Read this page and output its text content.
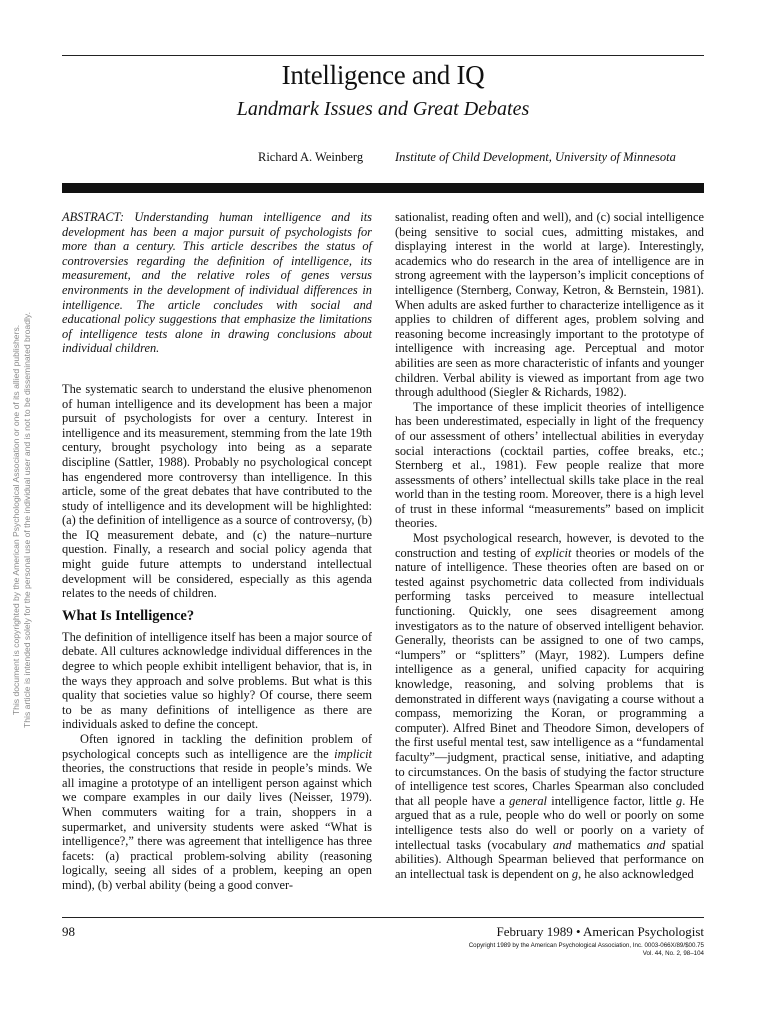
This document is copyrighted by the American Psychological Association or one of its allied publishers. This article is intended solely for the personal use of the individual user and is not to be disseminated broadly.
Intelligence and IQ
Landmark Issues and Great Debates
Richard A. Weinberg	Institute of Child Development, University of Minnesota

ABSTRACT: Understanding human intelligence and its development has been a major pursuit of psychologists for more than a century. This article describes the status of controversies regarding the definition of intelligence, its measurement, and the relative roles of genes versus environments in the development of individual differences in intelligence. The article concludes with social and educational policy suggestions that emphasize the limitations of intelligence tests alone in drawing conclusions about individual children.

The systematic search to understand the elusive phenomenon of human intelligence and its development has been a major pursuit of psychologists for over a century. Interest in intelligence and its measurement, stemming from the late 19th century, brought psychology into being as a separate discipline (Sattler, 1988). Probably no psychological concept has engendered more controversy than intelligence. In this article, some of the great debates that have contributed to the study of intelligence and its development will be highlighted: (a) the definition of intelligence as a source of controversy, (b) the IQ measurement debate, and (c) the nature–nurture question. Finally, a research and social policy agenda that might guide future attempts to understand intellectual development will be considered, especially as this agenda relates to the needs of children.

What Is Intelligence?

The definition of intelligence itself has been a major source of debate. All cultures acknowledge individual differences in the degree to which people exhibit intelligent behavior, that is, in the ways they approach and solve problems. But what is this quality that societies value so highly? Of course, there seem to be as many definitions of intelligence as there are individuals asked to define the concept.

Often ignored in tackling the definition problem of psychological concepts such as intelligence are the implicit theories, the constructions that reside in people’s minds. We all imagine a prototype of an intelligent person against which we compare examples in our daily lives (Neisser, 1979). When commuters waiting for a train, shoppers in a supermarket, and university students were asked “What is intelligence?,” there was agreement that intelligence has three facets: (a) practical problem-solving ability (reasoning logically, seeing all sides of a problem, keeping an open mind), (b) verbal ability (being a good conver-

sationalist, reading often and well), and (c) social intelligence (being sensitive to social cues, admitting mistakes, and displaying interest in the world at large). Interestingly, academics who do research in the area of intelligence are in strong agreement with the layperson’s implicit conceptions of intelligence (Sternberg, Conway, Ketron, & Bernstein, 1981). When adults are asked further to characterize intelligence as it applies to children of different ages, problem solving and reasoning become increasingly important to the prototype of intelligence with increasing age. Perceptual and motor abilities are seen as more characteristic of infants and younger children. Verbal ability is viewed as important from age two through adulthood (Siegler & Richards, 1982).

The importance of these implicit theories of intelligence has been underestimated, especially in light of the frequency of our assessment of others’ intellectual abilities in everyday social interactions (cocktail parties, coffee breaks, etc.; Sternberg et al., 1981). Few people realize that more assessments of others’ intellectual skills take place in the real world than in the testing room. Moreover, there is a high level of trust in these informal “measurements” based on implicit theories.

Most psychological research, however, is devoted to the construction and testing of explicit theories or models of the nature of intelligence. These theories often are based on or tested against psychometric data collected from individuals performing tasks perceived to measure intellectual functioning. Quickly, one sees disagreement among investigators as to the nature of observed intelligent behavior. Generally, theorists can be assigned to one of two camps, “lumpers” or “splitters” (Mayr, 1982). Lumpers define intelligence as a general, unified capacity for acquiring knowledge, reasoning, and solving problems that is demonstrated in different ways (navigating a course without a compass, memorizing the Koran, or programming a computer). Alfred Binet and Theodore Simon, developers of the first useful mental test, saw intelligence as a “fundamental faculty”—judgment, practical sense, initiative, and adapting to circumstances. On the basis of studying the factor structure of intelligence test scores, Charles Spearman also concluded that all people have a general intelligence factor, little g. He argued that as a rule, people who do well or poorly on some intelligence tests also do well or poorly on a variety of intellectual tasks (vocabulary and mathematics and spatial abilities). Although Spearman believed that performance on an intellectual task is dependent on g, he also acknowledged

98	February 1989 • American Psychologist
Copyright 1989 by the American Psychological Association, Inc. 0003-066X/89/$00.75
Vol. 44, No. 2, 98–104
